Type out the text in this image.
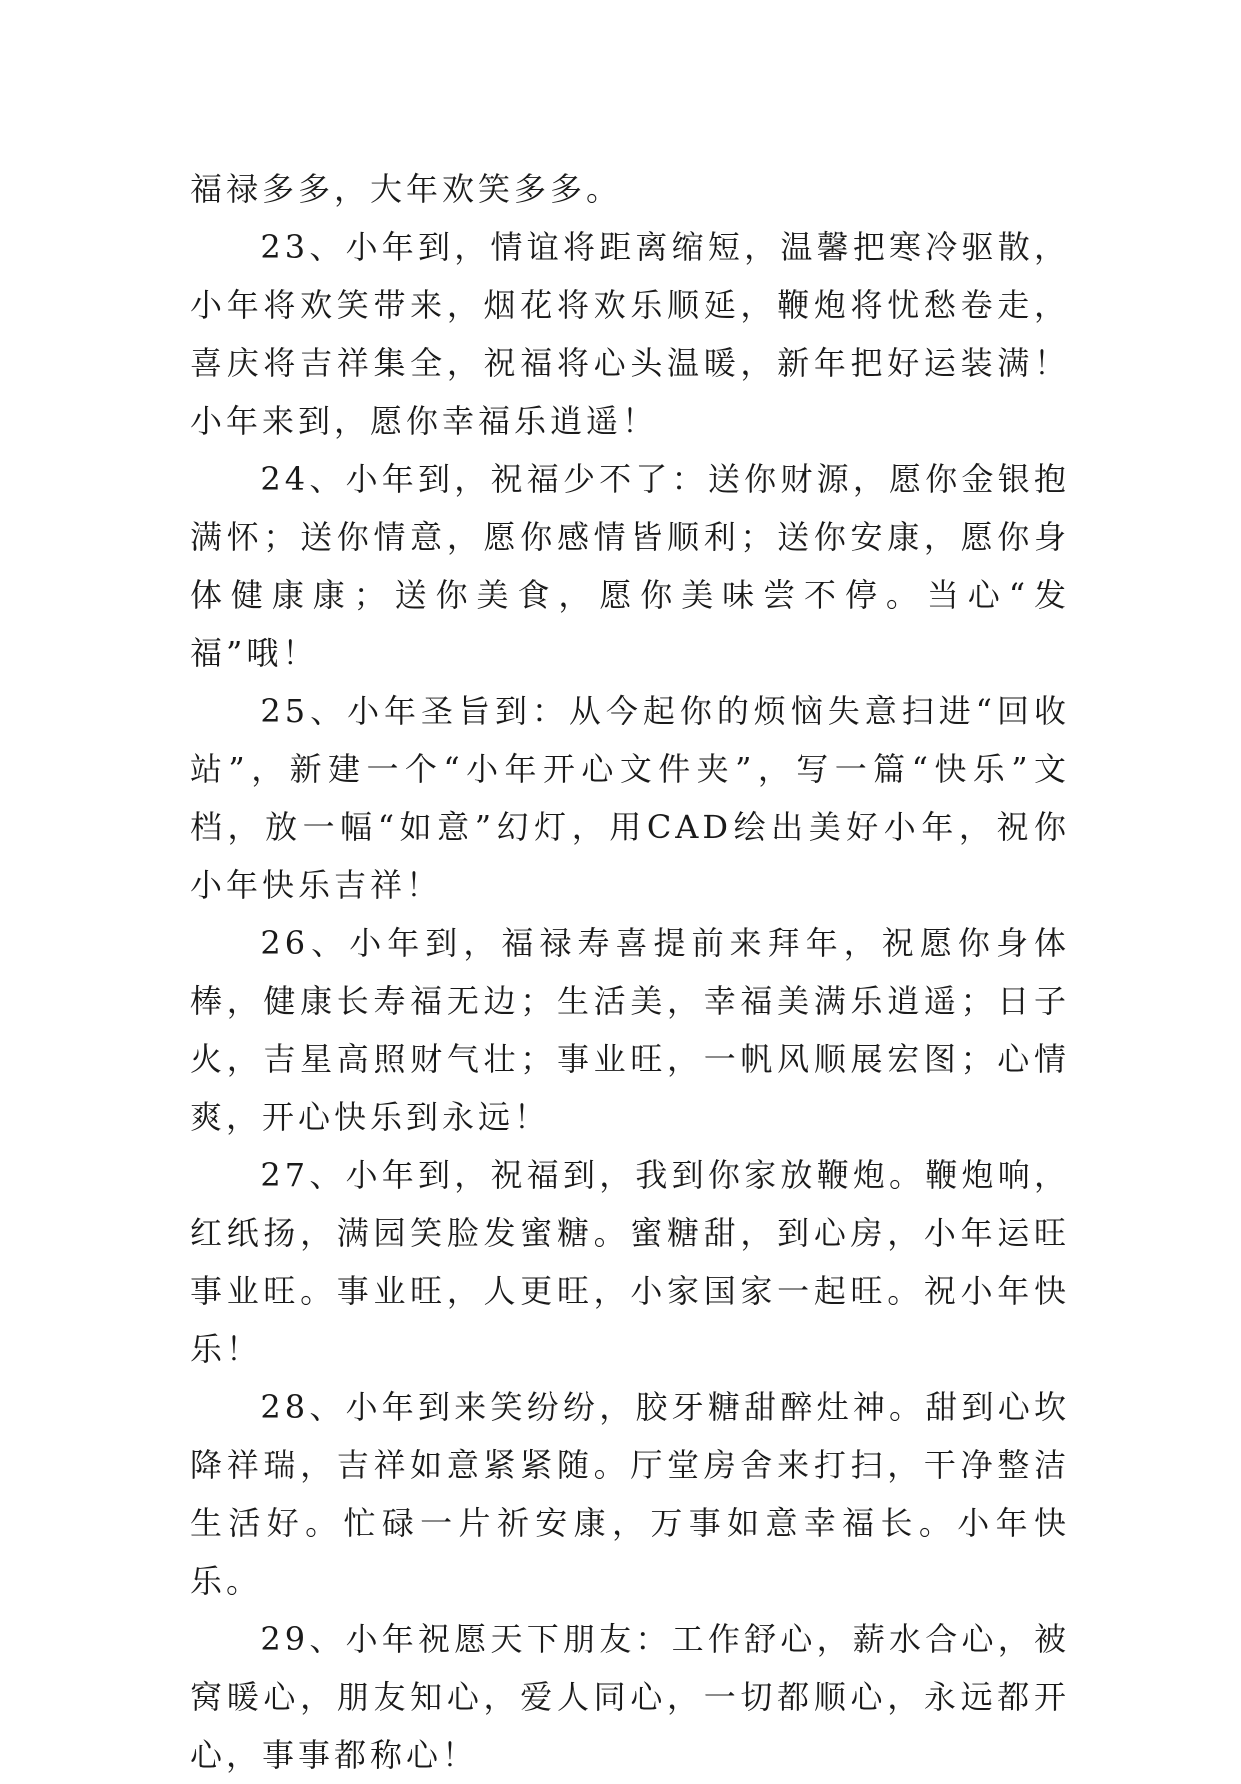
福禄多多，大年欢笑多多。

23、小年到，情谊将距离缩短，温馨把寒冷驱散，小年将欢笑带来，烟花将欢乐顺延，鞭炮将忧愁卷走，喜庆将吉祥集全，祝福将心头温暖，新年把好运装满！小年来到，愿你幸福乐逍遥！

24、小年到，祝福少不了：送你财源，愿你金银抱满怀；送你情意，愿你感情皆顺利；送你安康，愿你身体健康康；送你美食，愿你美味尝不停。当心“发福”哦！

25、小年圣旨到：从今起你的烦恼失意扫进“回收站”，新建一个“小年开心文件夹”，写一篇“快乐”文档，放一幅“如意”幻灯，用CAD绘出美好小年，祝你小年快乐吉祥！

26、小年到，福禄寿喜提前来拜年，祝愿你身体棒，健康长寿福无边；生活美，幸福美满乐逍遥；日子火，吉星高照财气壮；事业旺，一帆风顺展宏图；心情爽，开心快乐到永远！

27、小年到，祝福到，我到你家放鞭炮。鞭炮响，红纸扬，满园笑脸发蜜糖。蜜糖甜，到心房，小年运旺事业旺。事业旺，人更旺，小家国家一起旺。祝小年快乐！

28、小年到来笑纷纷，胶牙糖甜醉灶神。甜到心坎降祥瑞，吉祥如意紧紧随。厅堂房舍来打扫，干净整洁生活好。忙碌一片祈安康，万事如意幸福长。小年快乐。

29、小年祝愿天下朋友：工作舒心，薪水合心，被窝暖心，朋友知心，爱人同心，一切都顺心，永远都开心，事事都称心！
